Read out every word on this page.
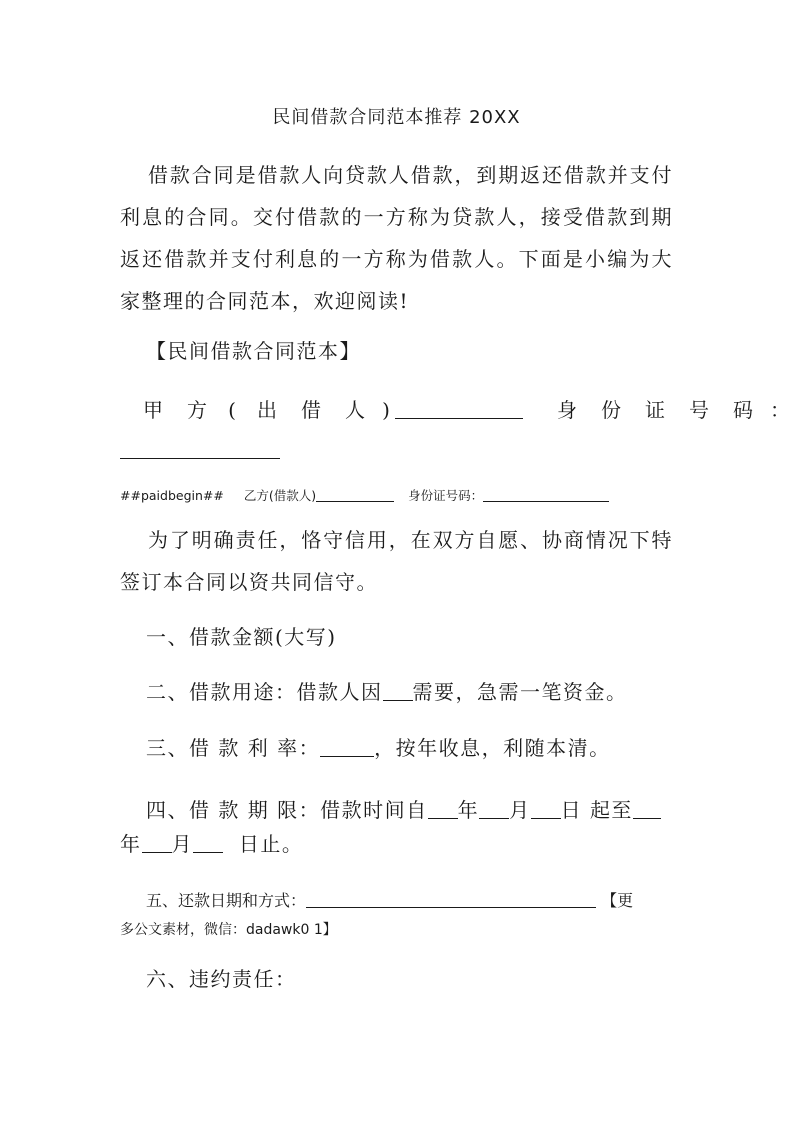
民间借款合同范本推荐 20XX

借款合同是借款人向贷款人借款，到期返还借款并支付利息的合同。交付借款的一方称为贷款人，接受借款到期返还借款并支付利息的一方称为借款人。下面是小编为大家整理的合同范本，欢迎阅读!

【民间借款合同范本】
甲 方 ( 出 借 人 )	身 份 证 号 码 ：
##paidbegin## 乙方(借款人)	身份证号码：

为了明确责任，恪守信用，在双方自愿、协商情况下特签订本合同以资共同信守。

一、借款金额(大写)
二、借款用途：借款人因 需要，急需一笔资金。
三、借 款 利 率：	，按年收息，利随本清。
四、借 款 期 限：借款时间自 年 月 日 起至
年 月 日止。
五、还款日期和方式：	【更
多公文素材，微信：dadawk0 1】
六、违约责任：
